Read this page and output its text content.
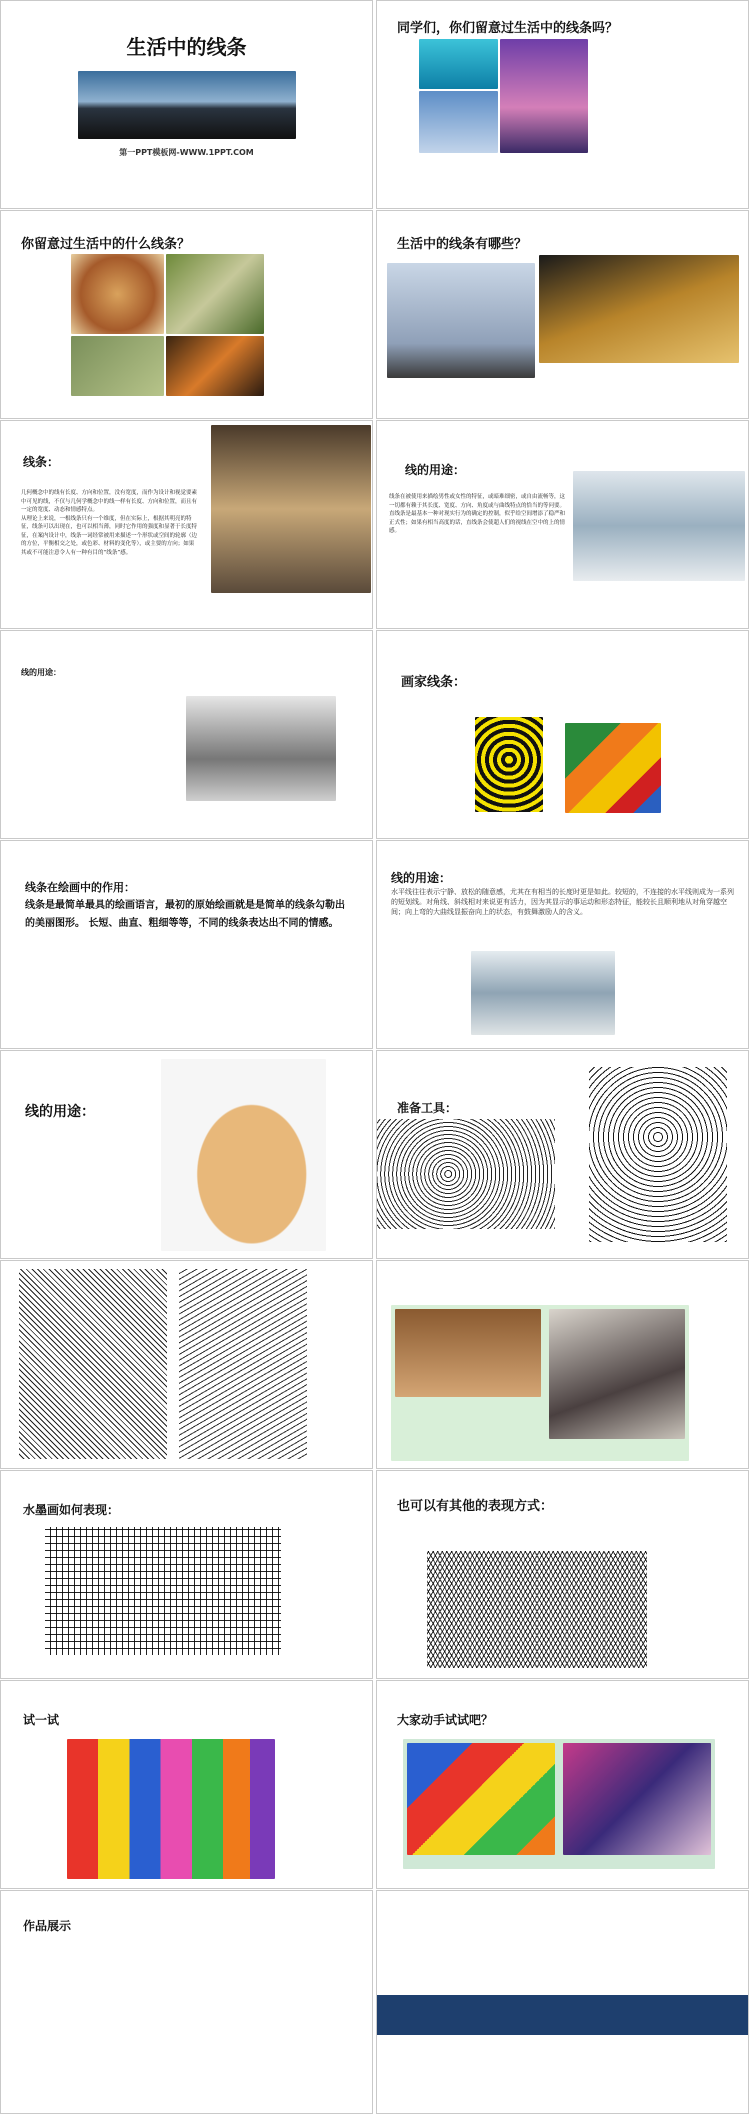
生活中的线条
第一PPT模板网-WWW.1PPT.COM
同学们，你们留意过生活中的线条吗？
你留意过生活中的什么线条？	生活中的线条有哪些？
线条：
几何概念中的线有长度、方向和位置，没有宽度，而作为设计和视觉要素中可见的线，不仅与几何学概念中的线一样有长度、方向和位置，而且有一定的宽度、动态和情感特点。
从理论上来说，一根线条只有一个维度，但在实际上，根据其明亮的特征，线条可以出现在，也可以相当薄，同时它作用的强度和显著于长度特征，在案内设计中，线条一词经常被用来描述一个形状或空间的轮廓（边的方位，平衡相交之处，或色彩、材料的变化等），或主要的方向；如果其或不可能注意令人有一种有目的“线条”感。
线的用途：
线条在被使用来描绘男性或女性的特征，或暗难细密，或自由流畅等，这一切都有赖于其长度、宽度、方向、角度或与曲线特点的恰当的等问要。
直线条是最基本一种对现实行为的确定的控制，似乎给空间增添了稳严和正式性；如果有相当高度的话，直线条会使超人们的视线在空中的上的情感。
线的用途：
画家线条：
线条在绘画中的作用：
线条是最简单最具的绘画语言，最初的原始绘画就是是简单的线条勾勒出的美丽图形。 长短、曲直、粗细等等，不同的线条表达出不同的情感。
线的用途：
水平线往往表示宁静、放松的随意感，尤其在有相当的长度时更是如此。较短的，不连接的水平线则成为一系列的短划线。对角线、斜线相对来说更有活力，因为其显示的事运动和形态特征，能较长且顺利地从对角穿越空间；向上弯的大曲线显振奋向上的状态，有鼓舞激励人的含义。
线的用途：	准备工具：
水墨画如何表现：	也可以有其他的表现方式：
试一试	大家动手试试吧？
作品展示
